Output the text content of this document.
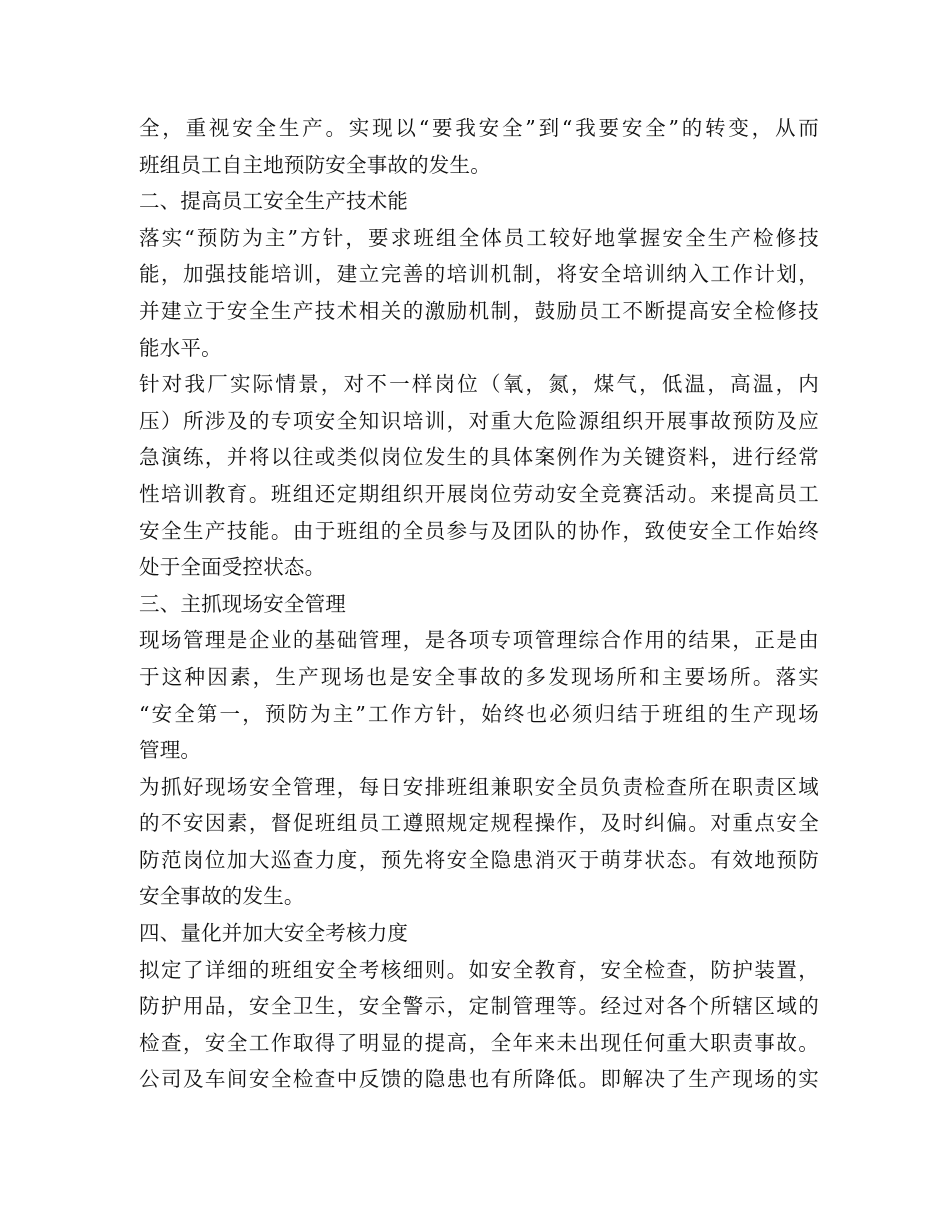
全，重视安全生产。实现以“要我安全”到“我要安全”的转变，从而
班组员工自主地预防安全事故的发生。
二、提高员工安全生产技术能
落实“预防为主”方针，要求班组全体员工较好地掌握安全生产检修技
能，加强技能培训，建立完善的培训机制，将安全培训纳入工作计划，
并建立于安全生产技术相关的激励机制，鼓励员工不断提高安全检修技
能水平。
针对我厂实际情景，对不一样岗位（氧，氮，煤气，低温，高温，内
压）所涉及的专项安全知识培训，对重大危险源组织开展事故预防及应
急演练，并将以往或类似岗位发生的具体案例作为关键资料，进行经常
性培训教育。班组还定期组织开展岗位劳动安全竞赛活动。来提高员工
安全生产技能。由于班组的全员参与及团队的协作，致使安全工作始终
处于全面受控状态。
三、主抓现场安全管理
现场管理是企业的基础管理，是各项专项管理综合作用的结果，正是由
于这种因素，生产现场也是安全事故的多发现场所和主要场所。落实
“安全第一，预防为主”工作方针，始终也必须归结于班组的生产现场
管理。
为抓好现场安全管理，每日安排班组兼职安全员负责检查所在职责区域
的不安因素，督促班组员工遵照规定规程操作，及时纠偏。对重点安全
防范岗位加大巡查力度，预先将安全隐患消灭于萌芽状态。有效地预防
安全事故的发生。
四、量化并加大安全考核力度
拟定了详细的班组安全考核细则。如安全教育，安全检查，防护装置，
防护用品，安全卫生，安全警示，定制管理等。经过对各个所辖区域的
检查，安全工作取得了明显的提高，全年来未出现任何重大职责事故。
公司及车间安全检查中反馈的隐患也有所降低。即解决了生产现场的实
